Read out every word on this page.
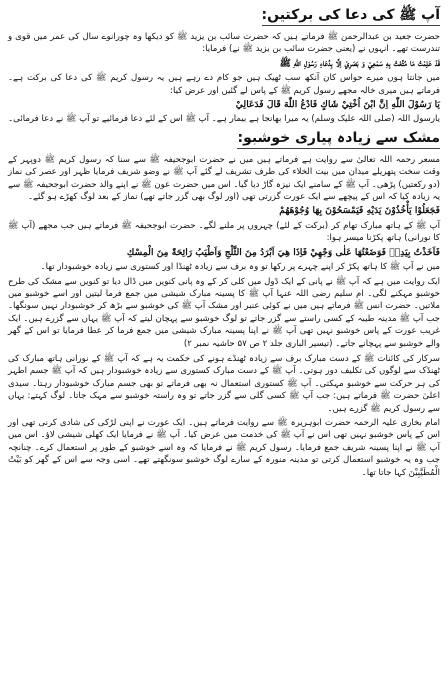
آپ ﷺ کی دعا کی برکتیں:

حضرت جعید بن عبدالرحمن ﷺ فرماتے ہیں کہ حضرت سائب بن یزید ﷺ کو دیکھا وہ چورانوے سال کی عمر میں قوی و تندرست تھے۔ انہوں نے (یعنی حضرت سائب بن یزید ﷺ نے) فرمایا:

قَدْ عَلِمْتُ مَا مُتِّعْتُ بِهِ سَمْعِيْ وَ بَصَرِيْ اِلَّا بِدُعَاءِ رَسُوْلِ اللّٰهِ ﷺ

میں جانتا ہوں میرے حواس کان آنکھ سب ٹھیک ہیں جو کام دے رہے ہیں یہ رسول کریم ﷺ کی دعا کی برکت ہے۔ فرماتے ہیں میری خالہ مجھے رسول کریم ﷺ کے پاس لے گئیں اور عرض کیا:

يَا رَسُوْلَ اللّٰهِ اِنَّ ابْنَ اُخْتِيْ شَاكٍ فَادْعُ اللّٰهَ قَالَ فَدَعَالِيْ

یارسول اللہ (صلی اللہ علیک وسلم) یہ میرا بھانجا ہے بیمار ہے۔ آپ ﷺ اس کے لئے دعا فرمائیے تو آپ ﷺ نے دعا فرمائی۔

مشک سے زیادہ پیاری خوشبو:

مسعر رحمہ اللہ تعالیٰ سے روایت ہے فرماتے ہیں میں نے حضرت ابوجحیفہ ﷺ سے سنا کہ رسول کریم ﷺ دوپہر کے وقت سخت پتھریلے میدان میں بیت الخلاء کی طرف تشریف لے گئے آپ ﷺ نے وضو شریف فرمایا ظہر اور عصر کی نماز (دو رکعتیں) پڑھی۔ آپ ﷺ کے سامنے ایک نیزہ گاڑ دیا گیا۔ اس میں حضرت عون ﷺ نے اپنے والد حضرت ابوجحیفہ ﷺ سے یہ زیادہ کیا کہ اس کے پیچھے سے ایک عورت گزرتی تھی (اور لوگ بھی گزر جاتے تھے) نماز کے بعد لوگ کھڑے ہو گئے۔

فَجَعَلُوْا يَأْخُذُوْنَ يَدَيْهِ فَيَمْسَحُوْنَ بِهَا وُجُوْهَهُمْ

آپ ﷺ کے ہاتھ مبارک تھام کر (برکت کے لئے) چہروں پر ملنے لگے۔ حضرت ابوجحیفہ ﷺ فرماتے ہیں جب مجھے (آپ ﷺ کا نورانی) ہاتھ پکڑنا میسر ہوا:

فَاَخَذْتُ بِيَدِهٖ فَوَضَعْتُهَا عَلٰى وَجْهِيْ فَاِذَا هِيَ اَبْرَدُ مِنَ الثَّلْجِ وَاَطْيَبُ رَائِحَةً مِنَ الْمِسْكِ

میں نے آپ ﷺ کا ہاتھ پکڑ کر اپنے چہرے پر رکھا تو وہ برف سے زیادہ ٹھنڈا اور کستوری سے زیادہ خوشبودار تھا۔

ایک روایت میں ہے کہ آپ ﷺ نے پانی کے ایک ڈول میں کلی کر کے وہ پانی کنویں میں ڈال دیا تو کنویں سے مشک کی طرح خوشبو مہکنے لگی۔ ام سلیم رضی اللہ عنہا آپ ﷺ کا پسینہ مبارک شیشی میں جمع فرما لیتیں اور اسے خوشبو میں ملاتیں۔ حضرت انس ﷺ فرماتے ہیں میں نے کوئی عنبر اور مشک آپ ﷺ کی خوشبو سے بڑھ کر خوشبودار نہیں سونگھا۔ جب آپ ﷺ مدینہ طیبہ کے کسی راستے سے گزر جاتے تو لوگ خوشبو سے پہچان لیتے کہ آپ ﷺ یہاں سے گزرے ہیں۔ ایک غریب عورت کے پاس خوشبو نہیں تھی آپ ﷺ نے اپنا پسینہ مبارک شیشی میں جمع فرما کر عطا فرمایا تو اس کے گھر والے خوشبو سے پہچانے جاتے۔ (تیسیر الباری جلد ۲ ص ۵۷ حاشیہ نمبر ۲)

سرکار کی کائنات ﷺ کے دست مبارک برف سے زیادہ ٹھنڈے ہونے کی حکمت یہ ہے کہ آپ ﷺ کے نورانی ہاتھ مبارک کی ٹھنڈک سے لوگوں کی تکلیف دور ہوتی۔ آپ ﷺ کے دست مبارک کستوری سے زیادہ خوشبودار ہیں کہ آپ ﷺ جسم اطہر کی ہر حرکت سے خوشبو مہکتی۔ آپ ﷺ کستوری استعمال نہ بھی فرماتے تو بھی جسم مبارک خوشبودار رہتا۔ سیدی اعلیٰ حضرت ﷺ فرماتے ہیں: جب آپ ﷺ کسی گلی سے گزر جاتے تو وہ راستہ خوشبو سے مہک جاتا۔ لوگ کہتے: یہاں سے رسول کریم ﷺ گزرے ہیں۔

امام بخاری علیہ الرحمہ حضرت ابوہریرہ ﷺ سے روایت فرماتے ہیں۔ ایک عورت نے اپنی لڑکی کی شادی کرنی تھی اور اس کے پاس خوشبو نہیں تھی اس نے آپ ﷺ کی خدمت میں عرض کیا۔ آپ ﷺ نے فرمایا ایک کھلی شیشی لاؤ۔ اس میں آپ ﷺ نے اپنا پسینہ شریف جمع فرمایا۔ رسول کریم ﷺ نے فرمایا کہ وہ اسے خوشبو کے طور پر استعمال کرے۔ چنانچہ جب وہ یہ خوشبو استعمال کرتی تو مدینہ منورہ کے سارے لوگ خوشبو سونگھتے تھے۔ اسی وجہ سے اس کے گھر کو بَيْتُ الْمُطَيَّبِيْنَ کہا جاتا تھا۔
